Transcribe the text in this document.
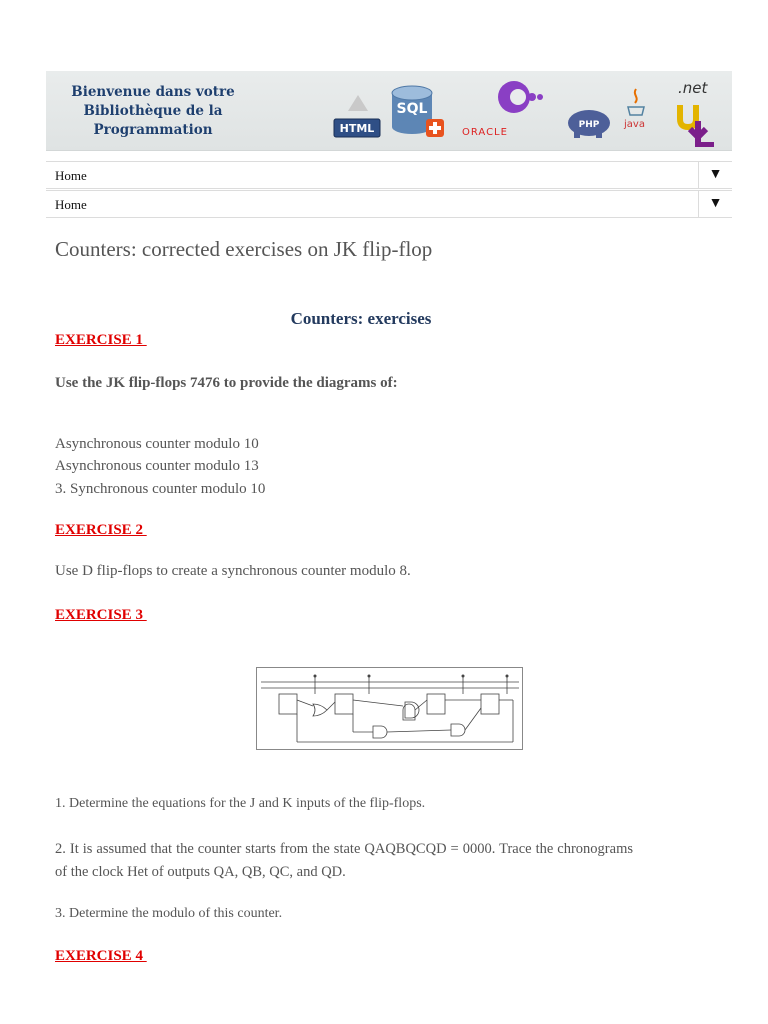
Bienvenue dans votre
Bibliothèque de la
Programmation	HTML
SQL
ORACLE
PHP java
.net
Home	▼
Home	▼
Counters: corrected exercises on JK flip-flop
Counters: exercises
EXERCISE 1
Use the JK flip-flops 7476 to provide the diagrams of:
Asynchronous counter modulo 10
Asynchronous counter modulo 13
3. Synchronous counter modulo 10
EXERCISE 2
Use D flip-flops to create a synchronous counter modulo 8.
EXERCISE 3
1. Determine the equations for the J and K inputs of the flip-flops.
2. It is assumed that the counter starts from the state QAQBQCQD = 0000. Trace the chronograms of the clock Het of outputs QA, QB, QC, and QD.
3. Determine the modulo of this counter.
EXERCISE 4
